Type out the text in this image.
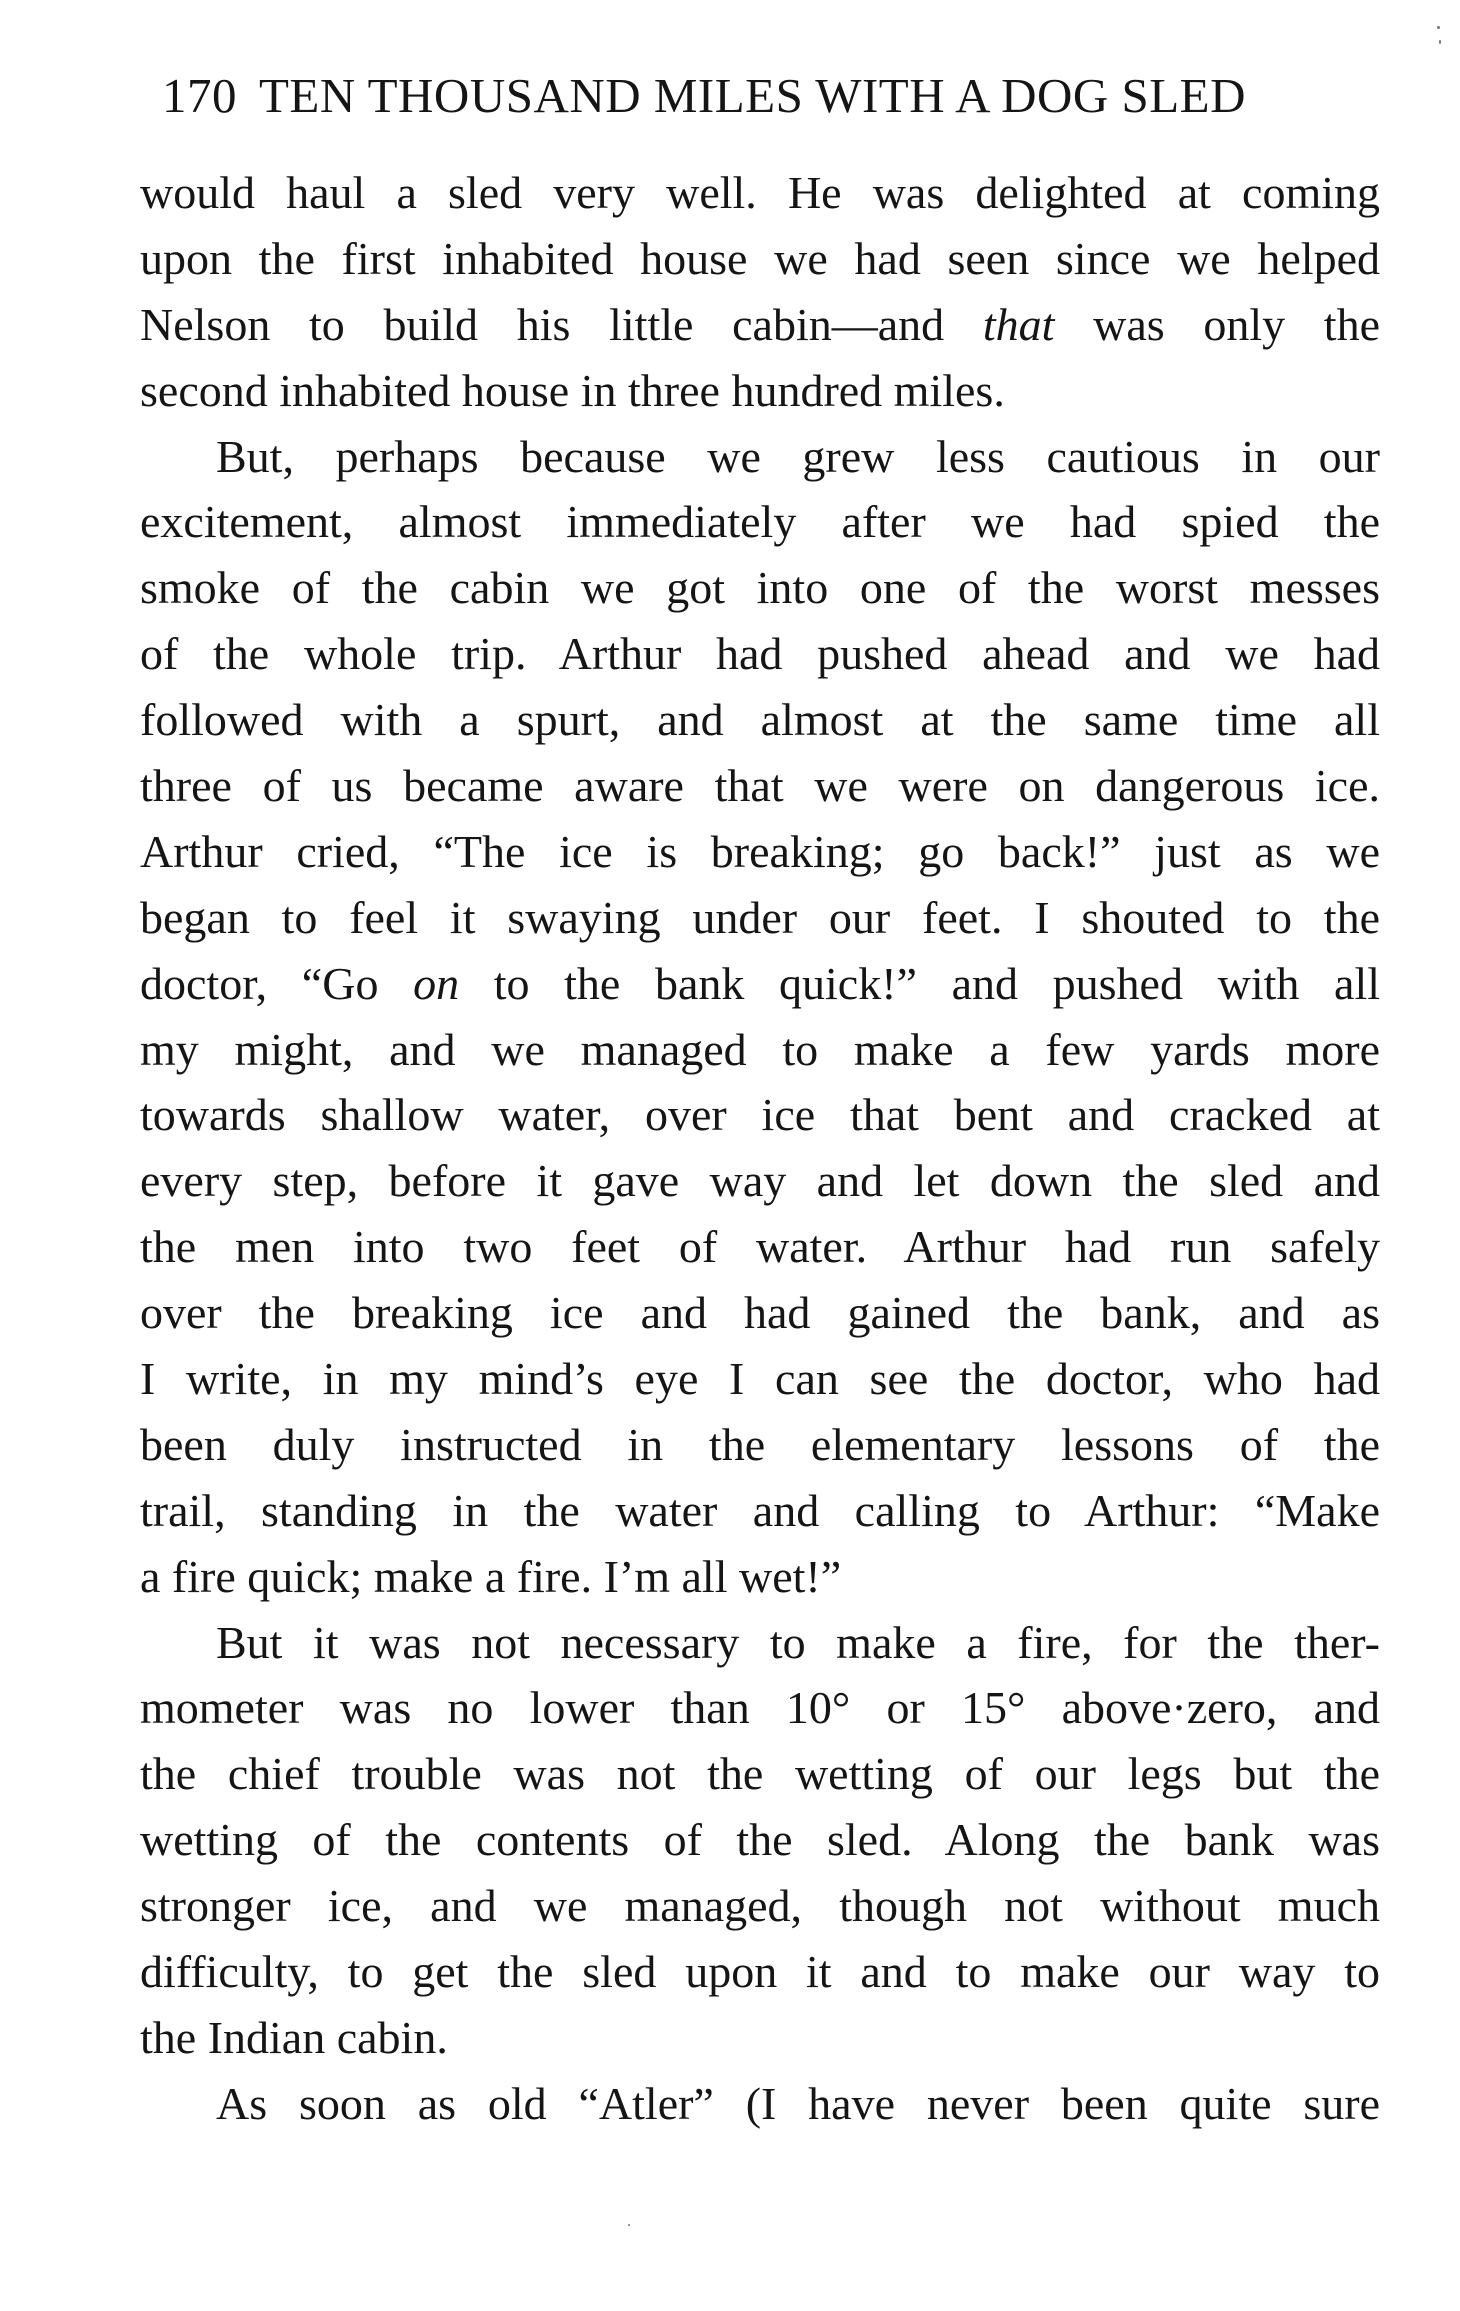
170 TEN THOUSAND MILES WITH A DOG SLED
would haul a sled very well. He was delighted at coming
upon the first inhabited house we had seen since we helped
Nelson to build his little cabin—and that was only the
second inhabited house in three hundred miles.
But, perhaps because we grew less cautious in our
excitement, almost immediately after we had spied the
smoke of the cabin we got into one of the worst messes
of the whole trip. Arthur had pushed ahead and we had
followed with a spurt, and almost at the same time all
three of us became aware that we were on dangerous ice.
Arthur cried, “The ice is breaking; go back!” just as we
began to feel it swaying under our feet. I shouted to the
doctor, “Go on to the bank quick!” and pushed with all
my might, and we managed to make a few yards more
towards shallow water, over ice that bent and cracked at
every step, before it gave way and let down the sled and
the men into two feet of water. Arthur had run safely
over the breaking ice and had gained the bank, and as
I write, in my mind’s eye I can see the doctor, who had
been duly instructed in the elementary lessons of the
trail, standing in the water and calling to Arthur: “Make
a fire quick; make a fire. I’m all wet!”
But it was not necessary to make a fire, for the ther-
mometer was no lower than 10° or 15° above·zero, and
the chief trouble was not the wetting of our legs but the
wetting of the contents of the sled. Along the bank was
stronger ice, and we managed, though not without much
difficulty, to get the sled upon it and to make our way to
the Indian cabin.
As soon as old “Atler” (I have never been quite sure
